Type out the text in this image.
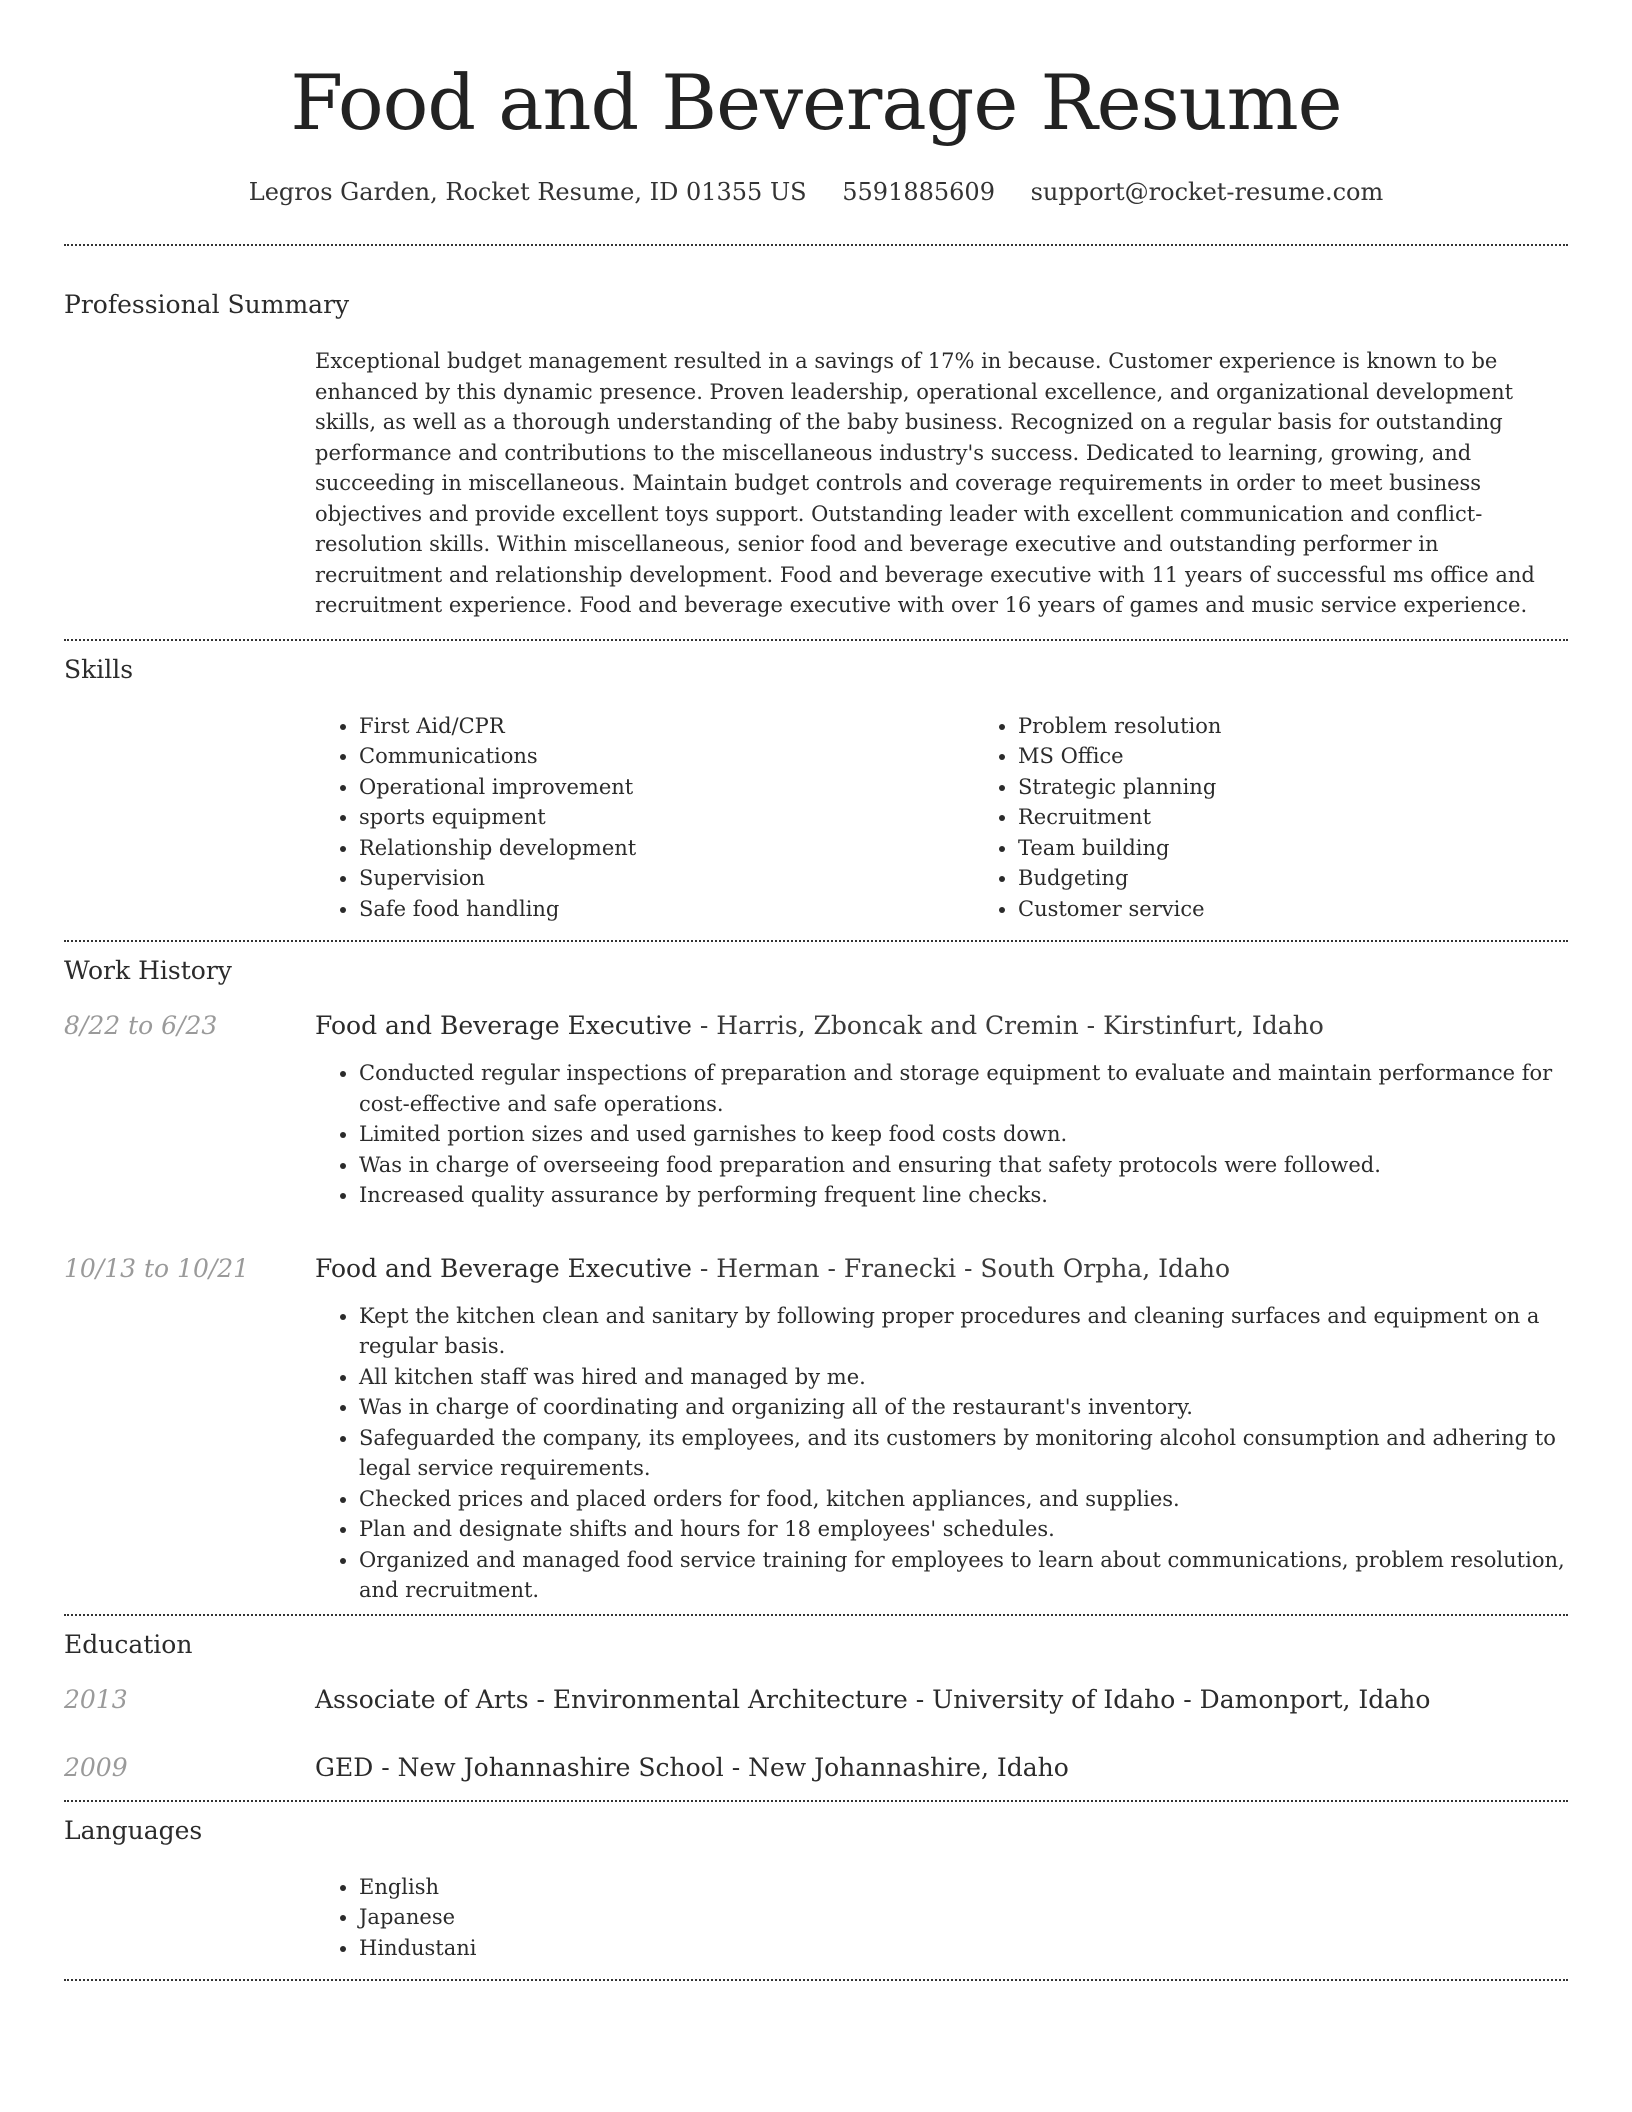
Food and Beverage Resume
Legros Garden, Rocket Resume, ID 01355 US 5591885609 support@rocket-resume.com
Professional Summary

Exceptional budget management resulted in a savings of 17% in because. Customer experience is known to be enhanced by this dynamic presence. Proven leadership, operational excellence, and organizational development skills, as well as a thorough understanding of the baby business. Recognized on a regular basis for outstanding performance and contributions to the miscellaneous industry's success. Dedicated to learning, growing, and succeeding in miscellaneous. Maintain budget controls and coverage requirements in order to meet business objectives and provide excellent toys support. Outstanding leader with excellent communication and conflict-resolution skills. Within miscellaneous, senior food and beverage executive and outstanding performer in recruitment and relationship development. Food and beverage executive with 11 years of successful ms office and recruitment experience. Food and beverage executive with over 16 years of games and music service experience.

Skills
• First Aid/CPR
• Communications
• Operational improvement
• sports equipment
• Relationship development
• Supervision
• Safe food handling
• Problem resolution
• MS Office
• Strategic planning
• Recruitment
• Team building
• Budgeting
• Customer service
Work History
8/22 to 6/23	Food and Beverage Executive - Harris, Zboncak and Cremin - Kirstinfurt, Idaho
• Conducted regular inspections of preparation and storage equipment to evaluate and maintain performance for cost-effective and safe operations.
• Limited portion sizes and used garnishes to keep food costs down.
• Was in charge of overseeing food preparation and ensuring that safety protocols were followed.
• Increased quality assurance by performing frequent line checks.
10/13 to 10/21	Food and Beverage Executive - Herman - Franecki - South Orpha, Idaho
• Kept the kitchen clean and sanitary by following proper procedures and cleaning surfaces and equipment on a regular basis.
• All kitchen staff was hired and managed by me.
• Was in charge of coordinating and organizing all of the restaurant's inventory.
• Safeguarded the company, its employees, and its customers by monitoring alcohol consumption and adhering to legal service requirements.
• Checked prices and placed orders for food, kitchen appliances, and supplies.
• Plan and designate shifts and hours for 18 employees' schedules.
• Organized and managed food service training for employees to learn about communications, problem resolution, and recruitment.
Education
2013	Associate of Arts - Environmental Architecture - University of Idaho - Damonport, Idaho
2009	GED - New Johannashire School - New Johannashire, Idaho
Languages
• English
• Japanese
• Hindustani
